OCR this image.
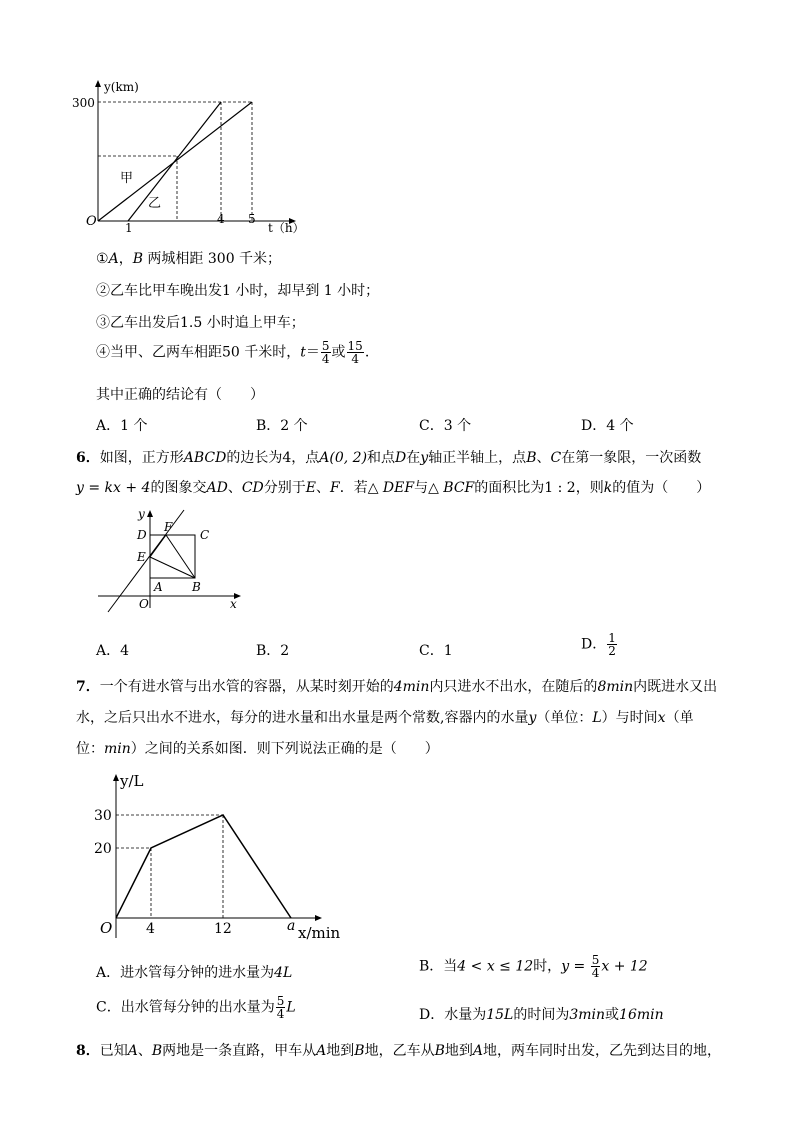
y(km)
300
O 1
4 5
t（h）
甲
乙
①A，B 两城相距 300 千米；
②乙车比甲车晚出发1 小时，却早到 1 小时；
③乙车出发后1.5 小时追上甲车；
④当甲、乙两车相距50 千米时，$t= \frac{5}{4}$ 或 $\frac{15}{4}$ .
其中正确的结论有（　　）
A．1 个	B．2 个	C．3 个	D．4 个
6．如图，正方形ABCD的边长为4，点A(0, 2)和点D在y轴正半轴上，点B、C在第一象限，一次函数
y = kx + 4的图象交AD、CD分别于E、F．若△ DEF与△ BCF的面积比为1 : 2，则k的值为（　　）
y
D
F
C
E
A B
O	x
A．4	B．2	C．1	D． $\frac{1}{2}$
7．一个有进水管与出水管的容器，从某时刻开始的4min内只进水不出水，在随后的8min内既进水又出
水，之后只出水不进水，每分的进水量和出水量是两个常数,容器内的水量y（单位：L）与时间x（单
位：min）之间的关系如图．则下列说法正确的是（　　）
y/L
30
20
O 4	12	a x/min
A．进水管每分钟的进水量为4L	B．当4 < x ≤ 12时，$y = \frac{5}{4}$ x + 12
C．出水管每分钟的出水量为 $\frac{5}{4}$ L	D．水量为15L的时间为3min或16min
8．已知A、B两地是一条直路，甲车从A地到B地，乙车从B地到A地，两车同时出发，乙先到达目的地，
